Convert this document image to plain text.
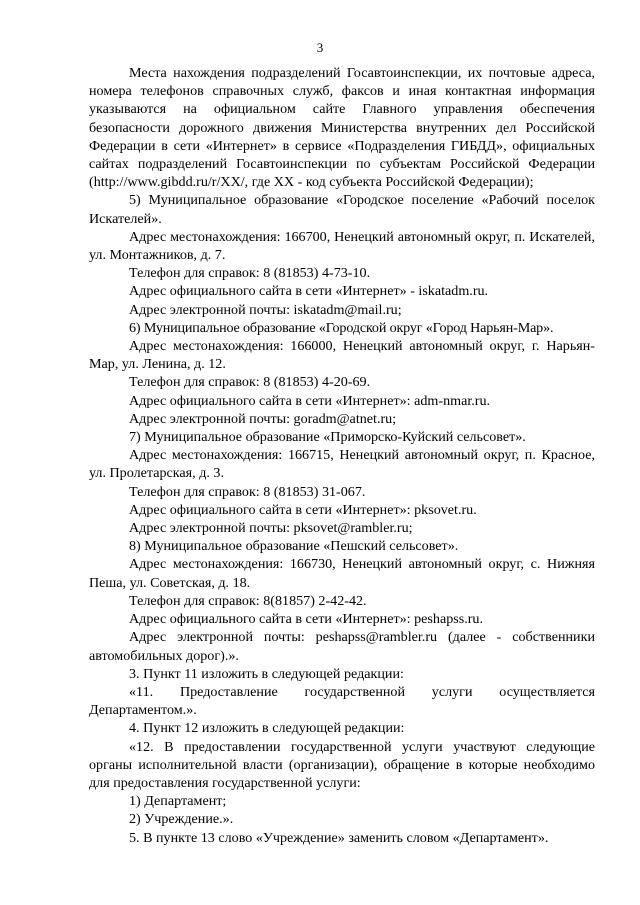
3

Места нахождения подразделений Госавтоинспекции, их почтовые адреса, номера телефонов справочных служб, факсов и иная контактная информация указываются на официальном сайте Главного управления обеспечения безопасности дорожного движения Министерства внутренних дел Российской Федерации в сети «Интернет» в сервисе «Подразделения ГИБДД», официальных сайтах подразделений Госавтоинспекции по субъектам Российской Федерации (http://www.gibdd.ru/r/XX/, где XX - код субъекта Российской Федерации);

5) Муниципальное образование «Городское поселение «Рабочий поселок Искателей».

Адрес местонахождения: 166700, Ненецкий автономный округ, п. Искателей, ул. Монтажников, д. 7.

Телефон для справок: 8 (81853) 4-73-10.

Адрес официального сайта в сети «Интернет» - iskatadm.ru.

Адрес электронной почты: iskatadm@mail.ru;

6) Муниципальное образование «Городской округ «Город Нарьян-Мар».

Адрес местонахождения: 166000, Ненецкий автономный округ, г. Нарьян-Мар, ул. Ленина, д. 12.

Телефон для справок: 8 (81853) 4-20-69.

Адрес официального сайта в сети «Интернет»: adm-nmar.ru.

Адрес электронной почты: goradm@atnet.ru;

7) Муниципальное образование «Приморско-Куйский сельсовет».

Адрес местонахождения: 166715, Ненецкий автономный округ, п. Красное, ул. Пролетарская, д. 3.

Телефон для справок: 8 (81853) 31-067.

Адрес официального сайта в сети «Интернет»: pksovet.ru.

Адрес электронной почты: pksovet@rambler.ru;

8) Муниципальное образование «Пешский сельсовет».

Адрес местонахождения: 166730, Ненецкий автономный округ, с. Нижняя Пеша, ул. Советская, д. 18.

Телефон для справок: 8(81857) 2-42-42.

Адрес официального сайта в сети «Интернет»: peshapss.ru.

Адрес электронной почты: peshapss@rambler.ru (далее - собственники автомобильных дорог).».

3. Пункт 11 изложить в следующей редакции:

«11. Предоставление государственной услуги осуществляется Департаментом.».

4. Пункт 12 изложить в следующей редакции:

«12. В предоставлении государственной услуги участвуют следующие органы исполнительной власти (организации), обращение в которые необходимо для предоставления государственной услуги:

1) Департамент;

2) Учреждение.».

5. В пункте 13 слово «Учреждение» заменить словом «Департамент».
